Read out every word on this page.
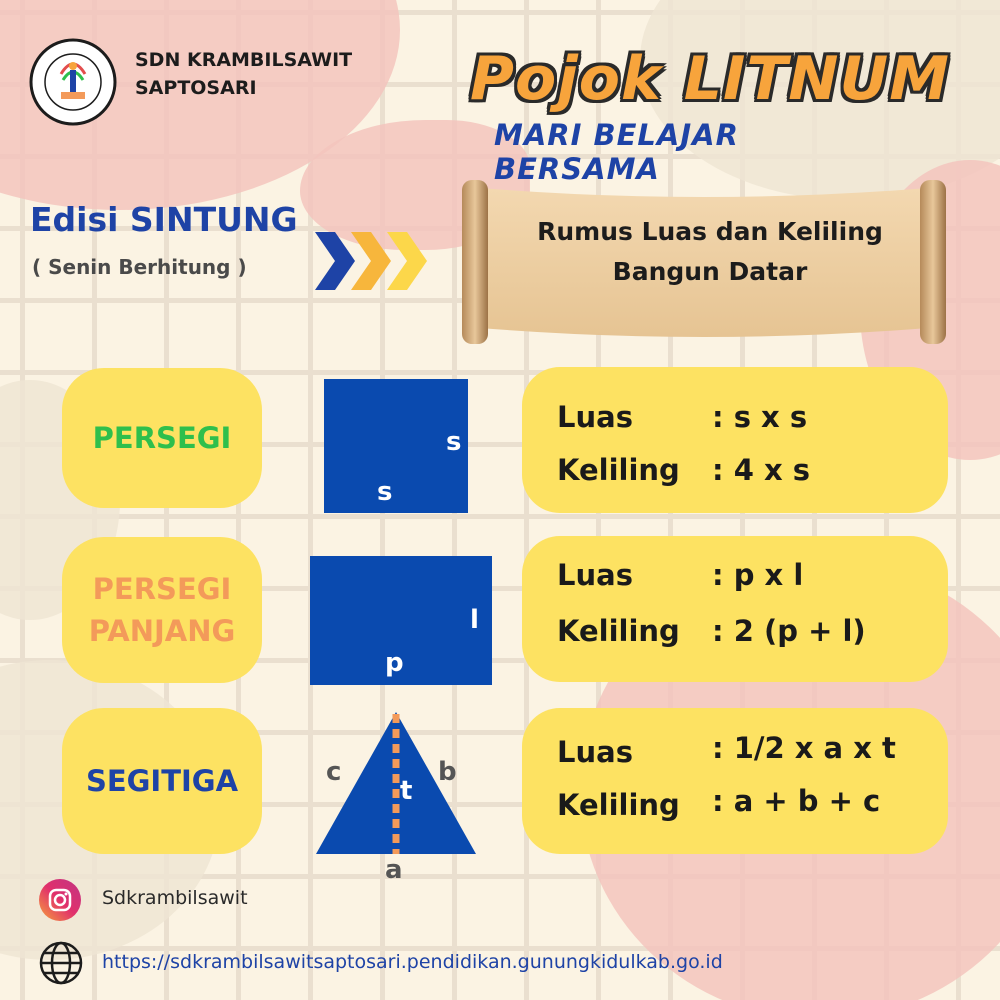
SDN KRAMBILSAWIT
SAPTOSARI	Pojok LITNUM
MARI BELAJAR BERSAMA
Edisi SINTUNG
( Senin Berhitung )
Rumus Luas dan Keliling
Bangun Datar
PERSEGI	s
s
Luas	: s x s
Keliling : 4 x s
PERSEGI
PANJANG	l
p
Luas	: p x l
Keliling : 2 (p + l)
SEGITIGA	c	b
t
a
Luas	: 1/2 x a x t
Keliling : a + b + c
Sdkrambilsawit
https://sdkrambilsawitsaptosari.pendidikan.gunungkidulkab.go.id
